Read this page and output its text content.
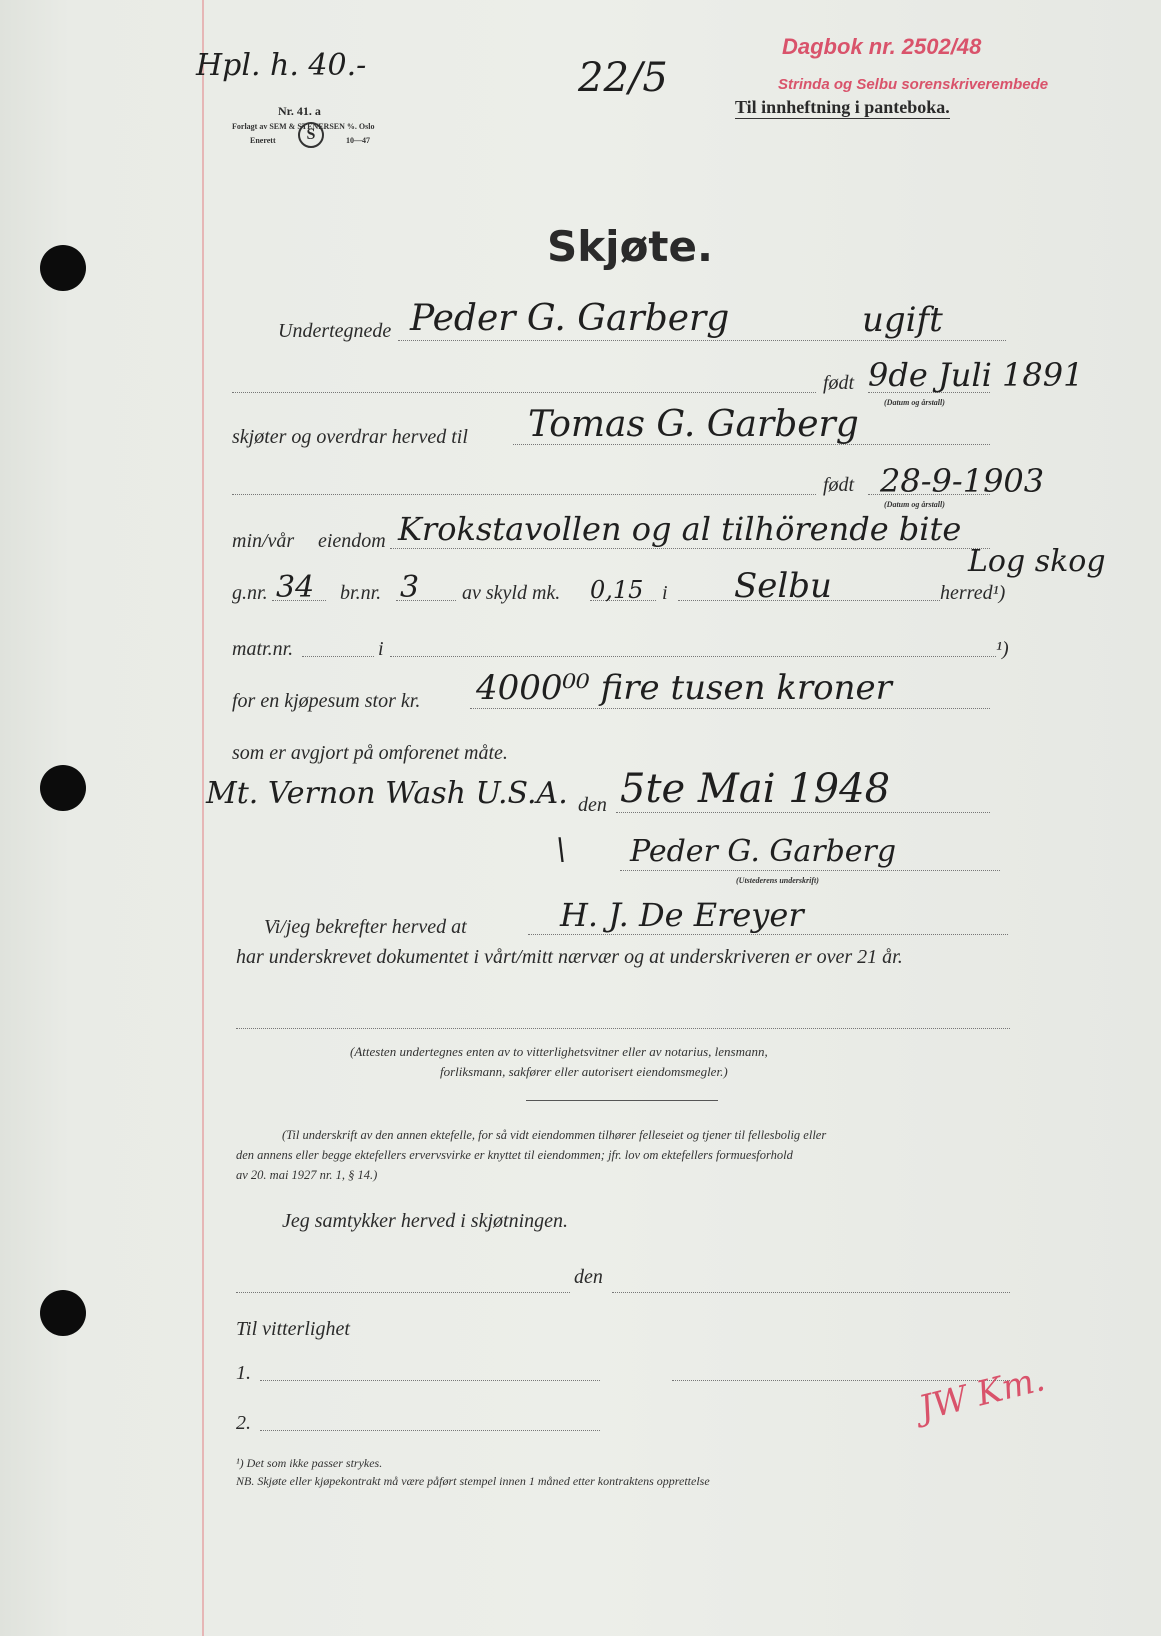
Hpl. h. 40.-
Nr. 41. a
Forlagt av SEM & STENERSEN %. Oslo
Enerett	S	10—47
22/5
Dagbok nr. 2502/48
Strinda og Selbu sorenskriverembede
Til innheftning i panteboka.
Skjøte.
Undertegnede Peder G. Garberg	ugift
født 9de Juli 1891
(Datum og årstall)
skjøter og overdrar herved til Tomas G. Garberg
født 28-9-1903
(Datum og årstall)
min/vår eiendom Krokstavollen og al tilhörende bite
Log skog
g.nr. 34 br.nr. 3 av skyld mk. 0,15 i Selbu	herred¹)
matr.nr.	i	¹)
for en kjøpesum stor kr. 4000⁰⁰ fire tusen kroner
som er avgjort på omforenet måte.
Mt. Vernon Wash U.S.A. den 5te Mai 1948
\ Peder G. Garberg
(Utstederens underskrift)
Vi/jeg bekrefter herved at	H. J. De Ereyer
har underskrevet dokumentet i vårt/mitt nærvær og at underskriveren er over 21 år.
(Attesten undertegnes enten av to vitterlighetsvitner eller av notarius, lensmann,
forliksmann, sakfører eller autorisert eiendomsmegler.)
(Til underskrift av den annen ektefelle, for så vidt eiendommen tilhører felleseiet og tjener til fellesbolig eller
den annens eller begge ektefellers ervervsvirke er knyttet til eiendommen; jfr. lov om ektefellers formuesforhold
av 20. mai 1927 nr. 1, § 14.)
Jeg samtykker herved i skjøtningen.
den
Til vitterlighet
1.
2.	JW Km.
¹) Det som ikke passer strykes.
NB. Skjøte eller kjøpekontrakt må være påført stempel innen 1 måned etter kontraktens opprettelse
